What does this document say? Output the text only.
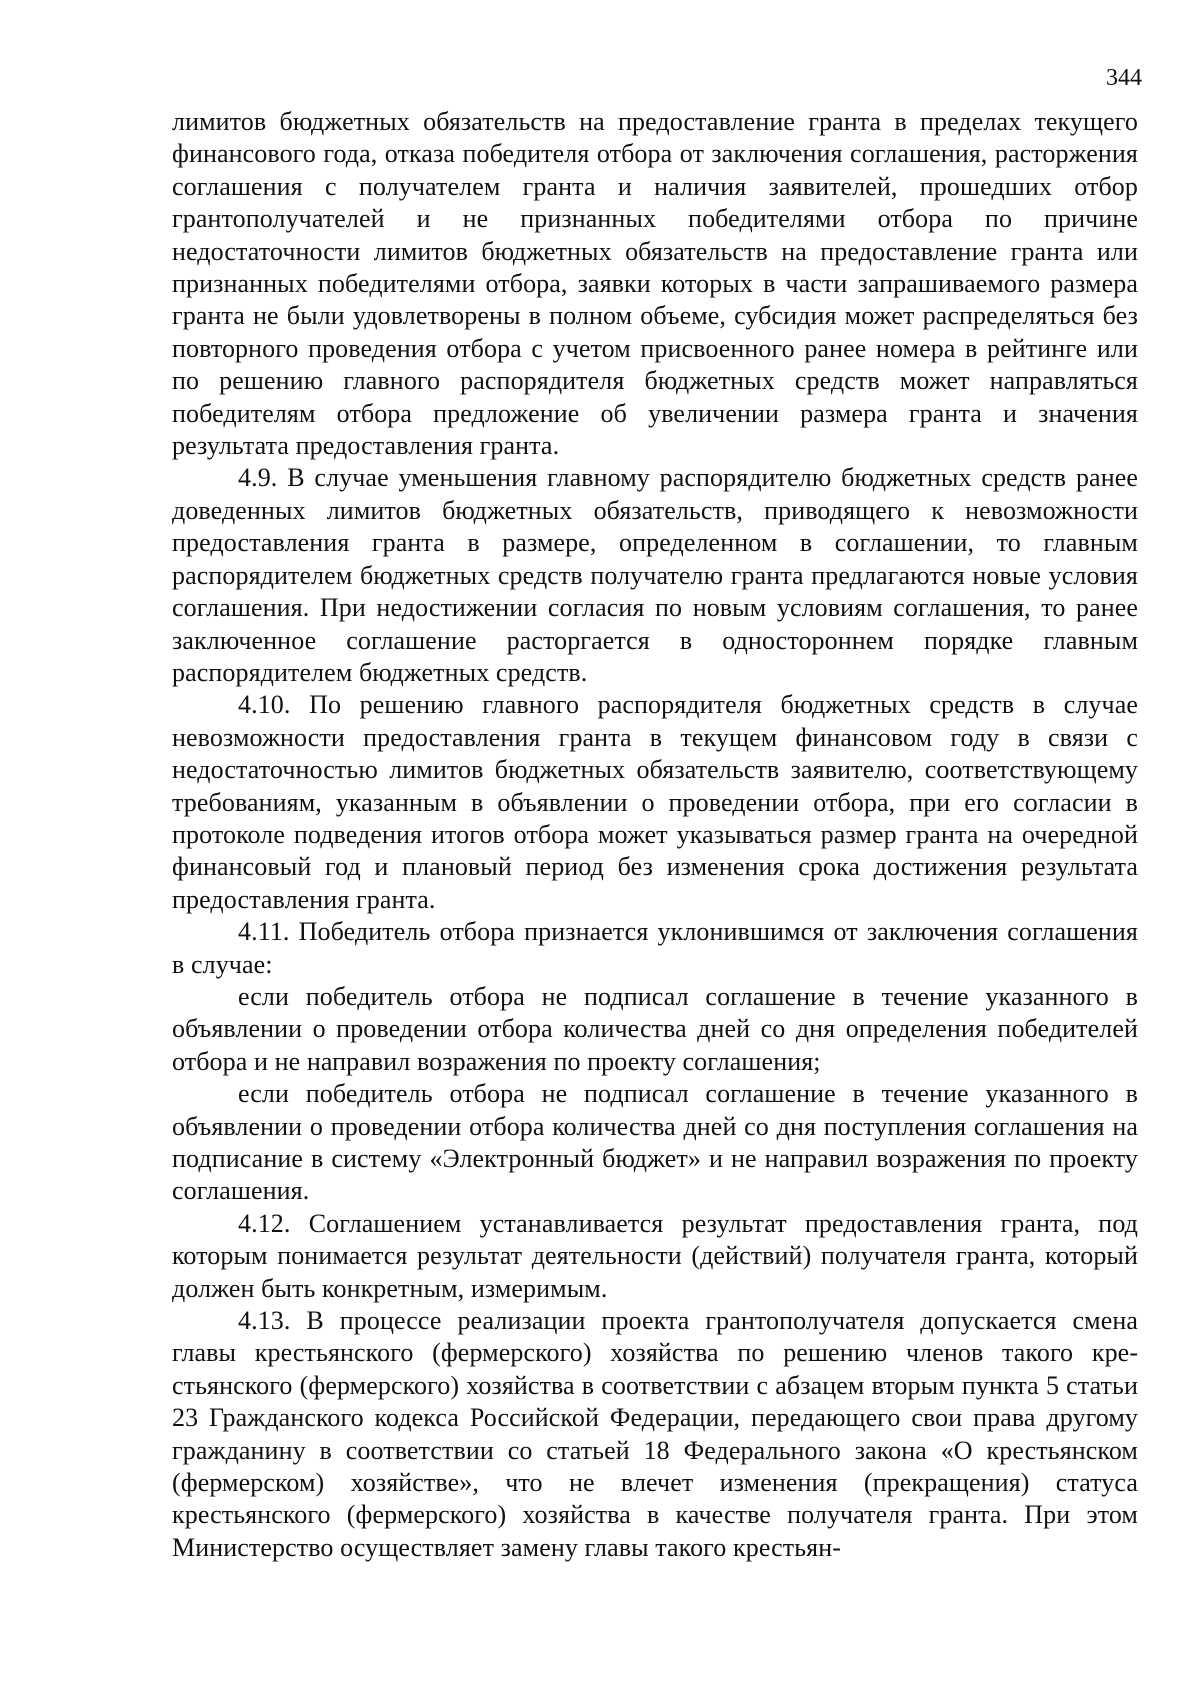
344

лимитов бюджетных обязательств на предоставление гранта в пределах текущего финансового года, отказа победителя отбора от заключения соглашения, расторжения соглашения с получателем гранта и наличия заявителей, прошедших отбор грантополучателей и не признанных победителями отбора по причине недостаточности лимитов бюджетных обязательств на предоставление гранта или признанных победителями отбора, заявки которых в части запрашиваемого размера гранта не были удовлетворены в полном объеме, субсидия может распределяться без повторного проведения отбора с учетом присвоенного ранее номера в рейтинге или по решению главного распорядителя бюджетных средств может направляться победителям отбора предложение об увеличении размера гранта и значения результата предоставления гранта.

4.9. В случае уменьшения главному распорядителю бюджетных средств ранее доведенных лимитов бюджетных обязательств, приводящего к невозможности предоставления гранта в размере, определенном в соглашении, то главным распорядителем бюджетных средств получателю гранта предлагаются новые условия соглашения. При недостижении согласия по новым условиям соглашения, то ранее заключенное соглашение расторгается в одностороннем порядке главным распорядителем бюджетных средств.

4.10. По решению главного распорядителя бюджетных средств в случае невозможности предоставления гранта в текущем финансовом году в связи с недостаточностью лимитов бюджетных обязательств заявителю, соответствующему требованиям, указанным в объявлении о проведении отбора, при его согласии в протоколе подведения итогов отбора может указываться размер гранта на очередной финансовый год и плановый период без изменения срока достижения результата предоставления гранта.

4.11. Победитель отбора признается уклонившимся от заключения соглашения в случае:

если победитель отбора не подписал соглашение в течение указанного в объявлении о проведении отбора количества дней со дня определения победителей отбора и не направил возражения по проекту соглашения;

если победитель отбора не подписал соглашение в течение указанного в объявлении о проведении отбора количества дней со дня поступления соглашения на подписание в систему «Электронный бюджет» и не направил возражения по проекту соглашения.

4.12. Соглашением устанавливается результат предоставления гранта, под которым понимается результат деятельности (действий) получателя гранта, который должен быть конкретным, измеримым.

4.13. В процессе реализации проекта грантополучателя допускается смена главы крестьянского (фермерского) хозяйства по решению членов такого крестьянского (фермерского) хозяйства в соответствии с абзацем вторым пункта 5 статьи 23 Гражданского кодекса Российской Федерации, передающего свои права другому гражданину в соответствии со статьей 18 Федерального закона «О крестьянском (фермерском) хозяйстве», что не влечет изменения (прекращения) статуса крестьянского (фермерского) хозяйства в качестве получателя гранта. При этом Министерство осуществляет замену главы такого крестьян-
